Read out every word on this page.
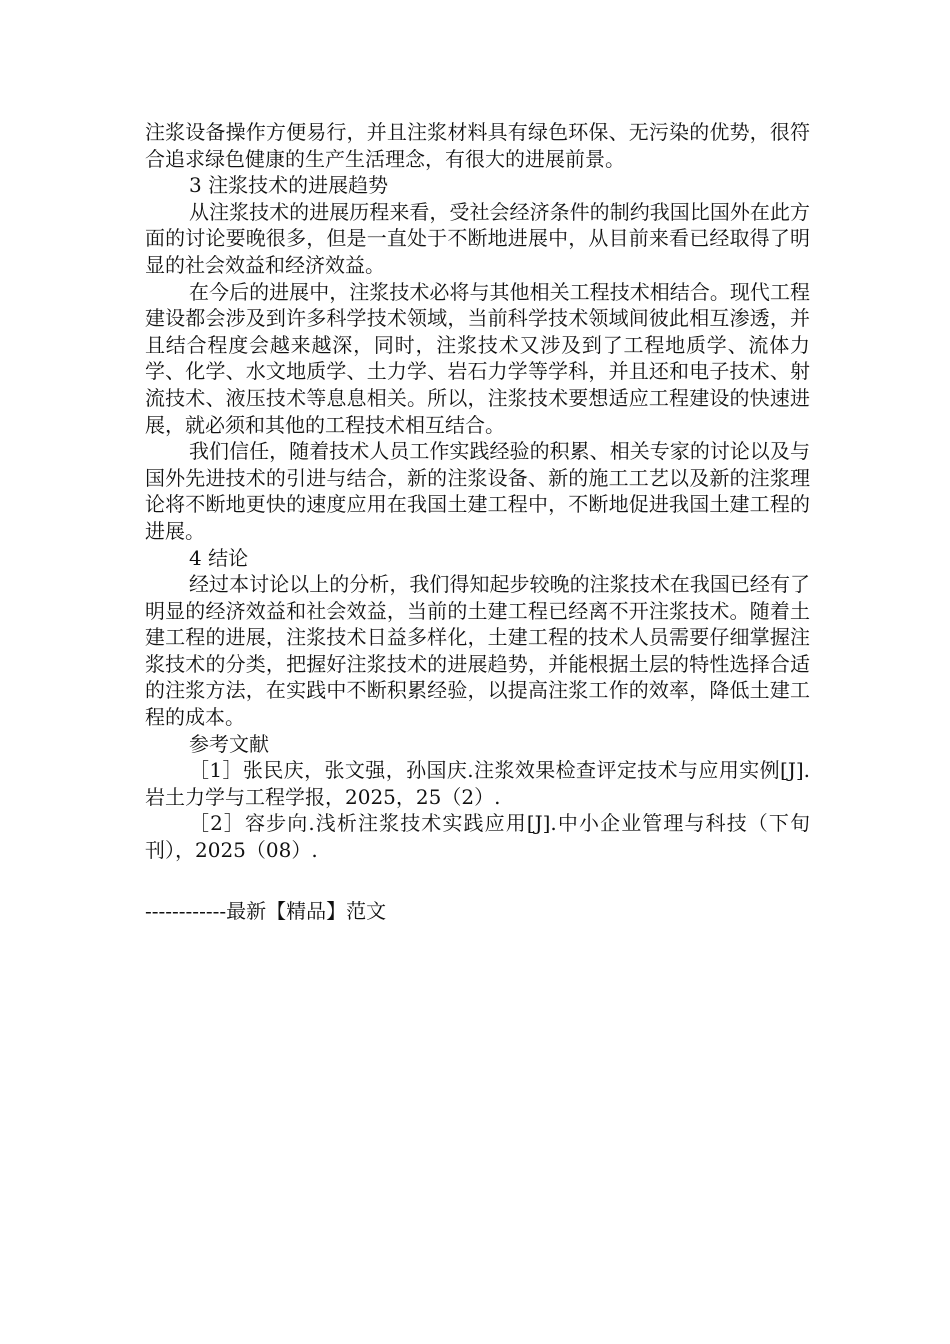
注浆设备操作方便易行，并且注浆材料具有绿色环保、无污染的优势，很符合追求绿色健康的生产生活理念，有很大的进展前景。

3 注浆技术的进展趋势

从注浆技术的进展历程来看，受社会经济条件的制约我国比国外在此方面的讨论要晚很多，但是一直处于不断地进展中，从目前来看已经取得了明显的社会效益和经济效益。

在今后的进展中，注浆技术必将与其他相关工程技术相结合。现代工程建设都会涉及到许多科学技术领域，当前科学技术领域间彼此相互渗透，并且结合程度会越来越深，同时，注浆技术又涉及到了工程地质学、流体力学、化学、水文地质学、土力学、岩石力学等学科，并且还和电子技术、射流技术、液压技术等息息相关。所以，注浆技术要想适应工程建设的快速进展，就必须和其他的工程技术相互结合。

我们信任，随着技术人员工作实践经验的积累、相关专家的讨论以及与国外先进技术的引进与结合，新的注浆设备、新的施工工艺以及新的注浆理论将不断地更快的速度应用在我国土建工程中，不断地促进我国土建工程的进展。

4 结论

经过本讨论以上的分析，我们得知起步较晚的注浆技术在我国已经有了明显的经济效益和社会效益，当前的土建工程已经离不开注浆技术。随着土建工程的进展，注浆技术日益多样化，土建工程的技术人员需要仔细掌握注浆技术的分类，把握好注浆技术的进展趋势，并能根据土层的特性选择合适的注浆方法，在实践中不断积累经验，以提高注浆工作的效率，降低土建工程的成本。

参考文献

［1］张民庆，张文强，孙国庆.注浆效果检查评定技术与应用实例[J].岩土力学与工程学报，2025，25（2）.

［2］容步向.浅析注浆技术实践应用[J].中小企业管理与科技（下旬刊），2025（08）.

------------最新【精品】范文
